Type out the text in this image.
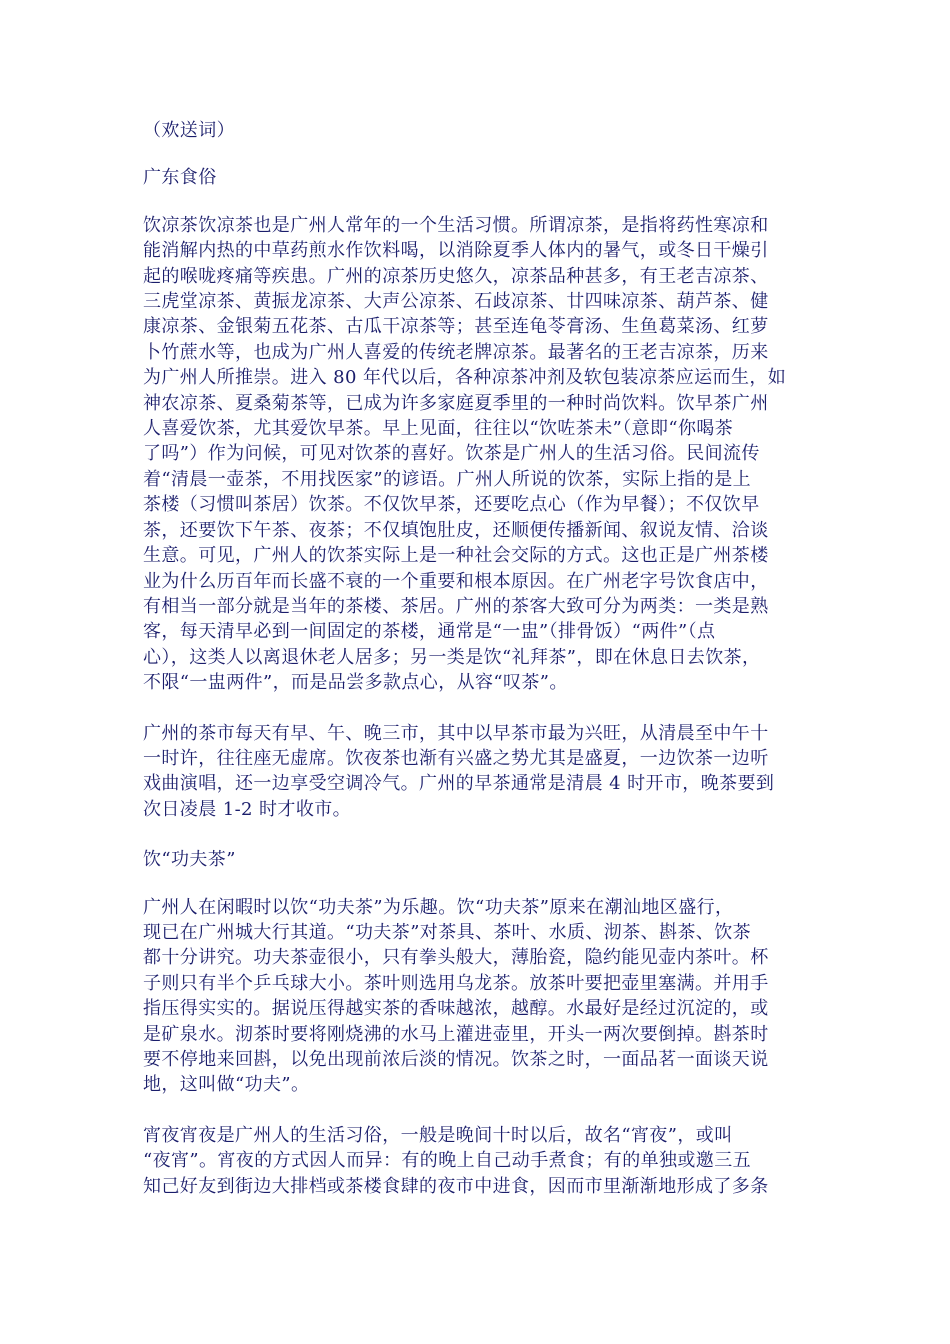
（欢送词）
广东食俗
饮凉茶饮凉茶也是广州人常年的一个生活习惯。所谓凉茶，是指将药性寒凉和
能消解内热的中草药煎水作饮料喝，以消除夏季人体内的暑气，或冬日干燥引
起的喉咙疼痛等疾患。广州的凉茶历史悠久，凉茶品种甚多，有王老吉凉茶、
三虎堂凉茶、黄振龙凉茶、大声公凉茶、石歧凉茶、廿四味凉茶、葫芦茶、健
康凉茶、金银菊五花茶、古瓜干凉茶等；甚至连龟苓膏汤、生鱼葛菜汤、红萝
卜竹蔗水等，也成为广州人喜爱的传统老牌凉茶。最著名的王老吉凉茶，历来
为广州人所推崇。进入 80 年代以后，各种凉茶冲剂及软包装凉茶应运而生，如
神农凉茶、夏桑菊茶等，已成为许多家庭夏季里的一种时尚饮料。饮早茶广州
人喜爱饮茶，尤其爱饮早茶。早上见面，往往以“饮咗茶未”（意即“你喝茶
了吗”）作为问候，可见对饮茶的喜好。饮茶是广州人的生活习俗。民间流传
着“清晨一壶茶，不用找医家”的谚语。广州人所说的饮茶，实际上指的是上
茶楼（习惯叫茶居）饮茶。不仅饮早茶，还要吃点心（作为早餐）；不仅饮早
茶，还要饮下午茶、夜茶；不仅填饱肚皮，还顺便传播新闻、叙说友情、洽谈
生意。可见，广州人的饮茶实际上是一种社会交际的方式。这也正是广州茶楼
业为什么历百年而长盛不衰的一个重要和根本原因。在广州老字号饮食店中，
有相当一部分就是当年的茶楼、茶居。广州的茶客大致可分为两类：一类是熟
客，每天清早必到一间固定的茶楼，通常是“一盅”（排骨饭）“两件”（点
心），这类人以离退休老人居多；另一类是饮“礼拜茶”，即在休息日去饮茶，
不限“一盅两件”，而是品尝多款点心，从容“叹茶”。
广州的茶市每天有早、午、晚三市，其中以早茶市最为兴旺，从清晨至中午十
一时许，往往座无虚席。饮夜茶也渐有兴盛之势尤其是盛夏，一边饮茶一边听
戏曲演唱，还一边享受空调冷气。广州的早茶通常是清晨 4 时开市，晚茶要到
次日凌晨 1-2 时才收市。
饮“功夫茶”
广州人在闲暇时以饮“功夫茶”为乐趣。饮“功夫茶”原来在潮汕地区盛行，
现已在广州城大行其道。“功夫茶”对茶具、茶叶、水质、沏茶、斟茶、饮茶
都十分讲究。功夫茶壶很小，只有拳头般大，薄胎瓷，隐约能见壶内茶叶。杯
子则只有半个乒乓球大小。茶叶则选用乌龙茶。放茶叶要把壶里塞满。并用手
指压得实实的。据说压得越实茶的香味越浓，越醇。水最好是经过沉淀的，或
是矿泉水。沏茶时要将刚烧沸的水马上灌进壶里，开头一两次要倒掉。斟茶时
要不停地来回斟，以免出现前浓后淡的情况。饮茶之时，一面品茗一面谈天说
地，这叫做“功夫”。
宵夜宵夜是广州人的生活习俗，一般是晚间十时以后，故名“宵夜”，或叫
“夜宵”。宵夜的方式因人而异：有的晚上自己动手煮食；有的单独或邀三五
知己好友到街边大排档或茶楼食肆的夜市中进食，因而市里渐渐地形成了多条
